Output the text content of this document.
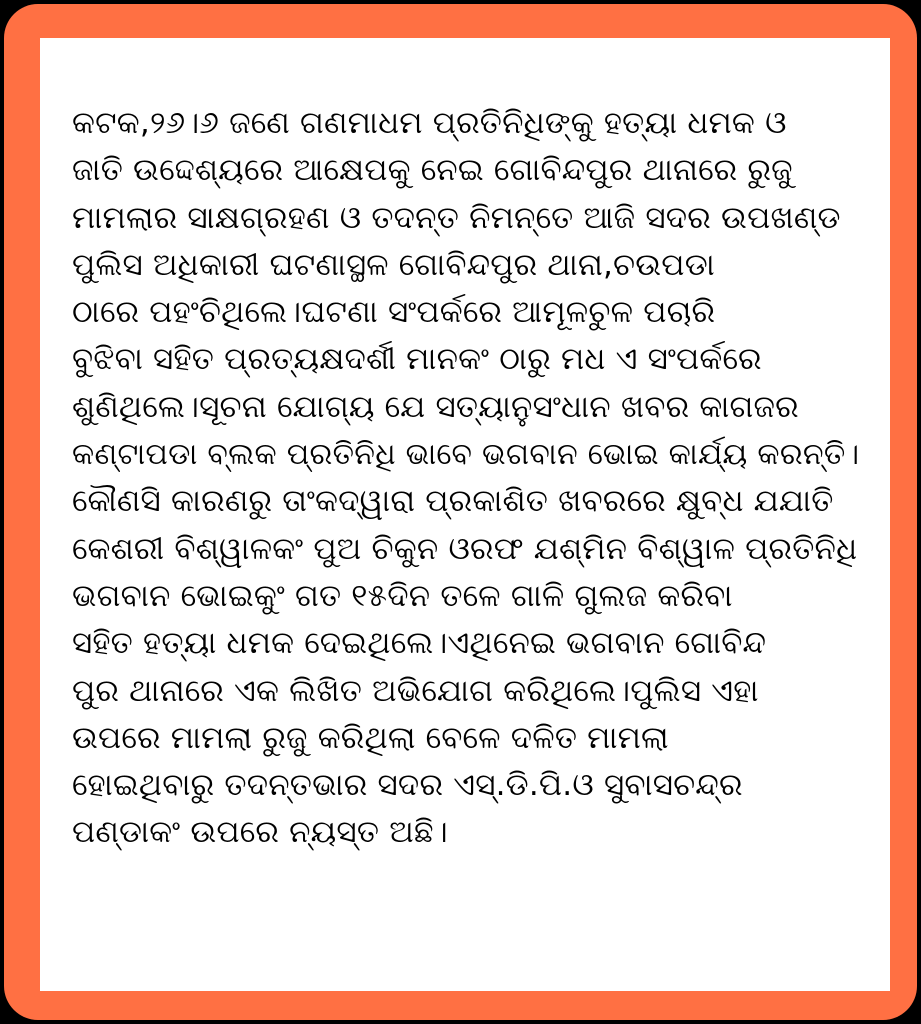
କଟକ,୨୬।୬ ଜଣେ ଗଣମାଧମ ପ୍ରତିନିଧିଙ୍କୁ ହତ୍ୟା ଧମକ ଓ
ଜାତି ଉଦ୍ଦେଶ୍ୟରେ ଆକ୍ଷେପକୁ ନେଇ ଗୋବିନ୍ଦପୁର ଥାନାରେ ରୁଜୁ
ମାମଲାର ସାକ୍ଷଗ୍ରହଣ ଓ ତଦନ୍ତ ନିମନ୍ତେ ଆଜି ସଦର ଉପଖଣ୍ଡ
ପୁଲିସ ଅଧିକାରୀ ଘଟଣାସ୍ଥଳ ଗୋବିନ୍ଦପୁର ଥାନା,ଚଉପଡା
ଠାରେ ପହଂଚିଥିଲେ।ଘଟଣା ସଂପର୍କରେ ଆମୂଳଚୁଳ ପଚାରି
ବୁଝିବା ସହିତ ପ୍ରତ୍ୟକ୍ଷଦର୍ଶୀ ମାନକଂ ଠାରୁ ମଧ ଏ ସଂପର୍କରେ
ଶୁଣିଥିଲେ।ସୂଚନା ଯୋଗ୍ୟ ଯେ ସତ୍ୟାନୁସଂଧାନ ଖବର କାଗଜର
କଣ୍ଟାପଡା ବ୍ଲକ ପ୍ରତିନିଧି ଭାବେ ଭଗବାନ ଭୋଇ କାର୍ଯ୍ୟ କରନ୍ତି।
କୌଣସି କାରଣରୁ ତାଂକଦ୍ୱାରା ପ୍ରକାଶିତ ଖବରରେ କ୍ଷୁବ୍ଧ ଯଯାତି
କେଶରୀ ବିଶ୍ୱାଳକଂ ପୁଅ ଚିକୁନ ଓରଫ ଯଶ୍ମିନ ବିଶ୍ୱାଳ ପ୍ରତିନିଧି
ଭଗବାନ ଭୋଇକୁଂ ଗତ ୧୫ଦିନ ତଳେ ଗାଳି ଗୁଲଜ କରିବା
ସହିତ ହତ୍ୟା ଧମକ ଦେଇଥିଲେ।ଏଥିନେଇ ଭଗବାନ ଗୋବିନ୍ଦ
ପୁର ଥାନାରେ ଏକ ଲିଖିତ ଅଭିଯୋଗ କରିଥିଲେ।ପୁଲିସ ଏହା
ଉପରେ ମାମଲା ରୁଜୁ କରିଥିଲା ବେଳେ ଦଳିତ ମାମଲା
ହୋଇଥିବାରୁ ତଦନ୍ତଭାର ସଦର ଏସ୍.ଡି.ପି.ଓ ସୁବାସଚନ୍ଦ୍ର
ପଣ୍ଡାକଂ ଉପରେ ନ୍ୟସ୍ତ ଅଛି।
